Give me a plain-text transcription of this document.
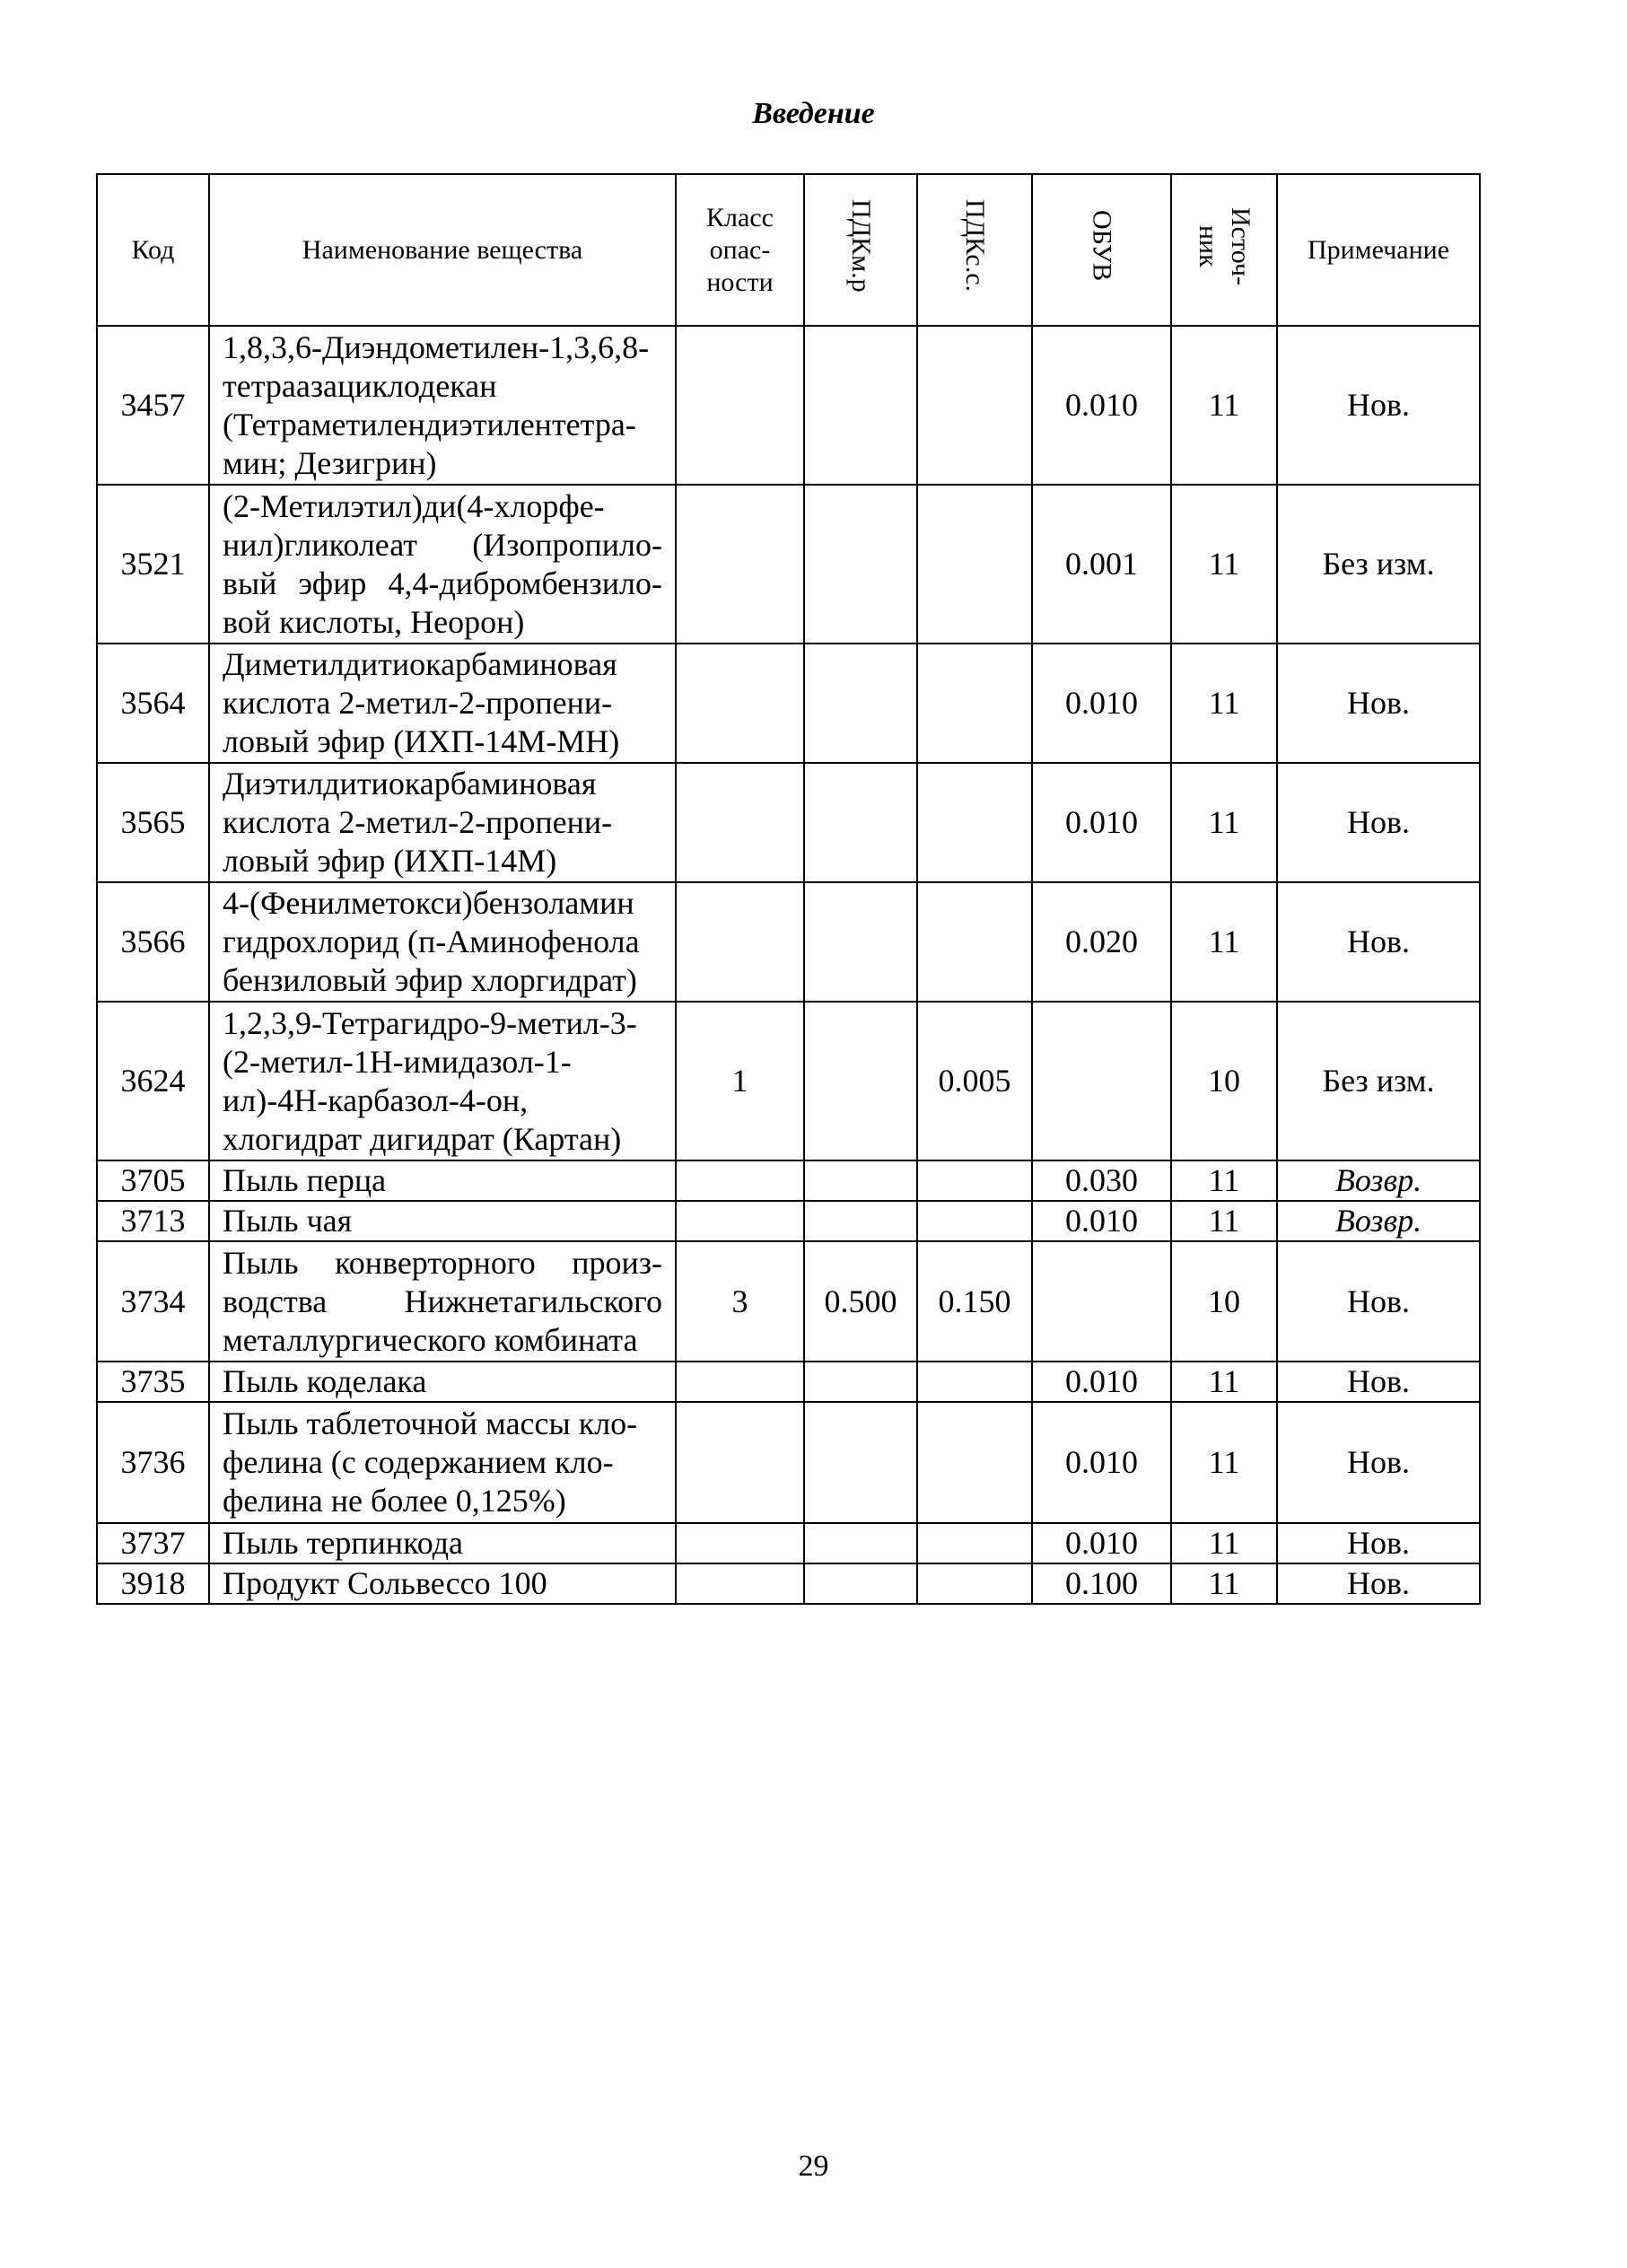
Введение
Код	Наименование вещества	Класс опас-ности	ПДКм.р	ПДКс.с.	ОБУВ	Источ-ник	Примечание
3457	1,8,3,6-Диэндометилен-1,3,6,8-тетраазациклодекан (Тетраметилендиэтилентетра-мин; Дезигрин)				0.010	11	Нов.
3521	(2-Метилэтил)ди(4-хлорфе-нил)гликолеат (Изопропило-вый эфир 4,4-дибромбензило-вой кислоты, Неорон)				0.001	11	Без изм.
3564	Диметилдитиокарбаминовая кислота 2-метил-2-пропени-ловый эфир (ИХП-14М-МН)				0.010	11	Нов.
3565	Диэтилдитиокарбаминовая кислота 2-метил-2-пропени-ловый эфир (ИХП-14М)				0.010	11	Нов.
3566	4-(Фенилметокси)бензоламин гидрохлорид (п-Аминофенола бензиловый эфир хлоргидрат)				0.020	11	Нов.
3624	1,2,3,9-Тетрагидро-9-метил-3-(2-метил-1Н-имидазол-1-ил)-4Н-карбазол-4-он, хлогидрат дигидрат (Картан)	1		0.005		10	Без изм.
3705	Пыль перца				0.030	11	Возвр.
3713	Пыль чая				0.010	11	Возвр.
3734	Пыль конверторного произ-водства Нижнетагильского металлургического комбината	3	0.500	0.150		10	Нов.
3735	Пыль коделака				0.010	11	Нов.
3736	Пыль таблеточной массы кло-фелина (с содержанием кло-фелина не более 0,125%)				0.010	11	Нов.
3737	Пыль терпинкода				0.010	11	Нов.
3918	Продукт Сольвессо 100				0.100	11	Нов.
29
